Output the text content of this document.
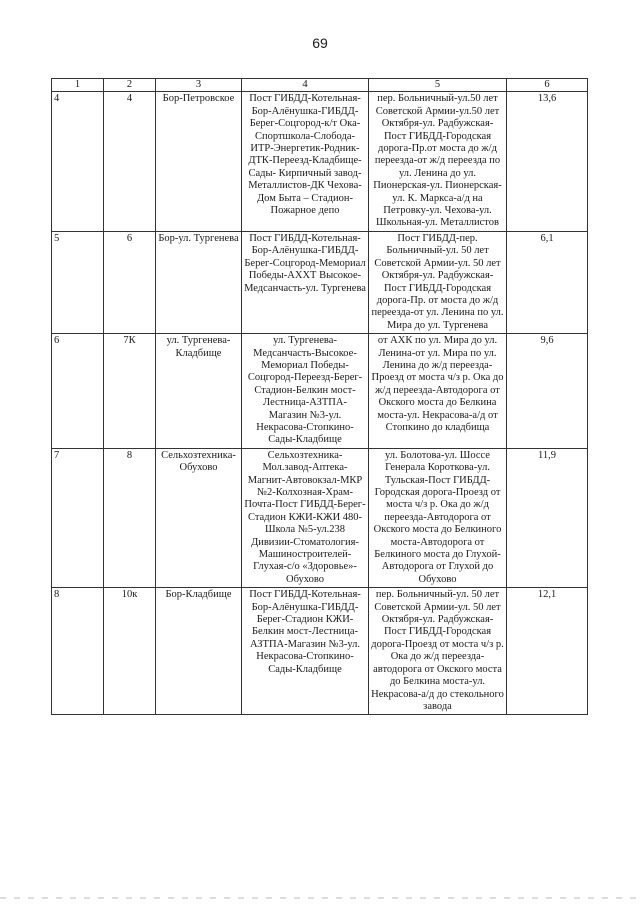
69
1	2	3	4	5	6
4	4	Бор-Петровское	Пост ГИБДД-Котельная-Бор-Алёнушка-ГИБДД-Берег-Соцгород-к/т Ока-Спортшкола-Слобода-ИТР-Энергетик-Родник-ДТК-Переезд-Кладбище-Сады- Кирпичный завод-Металлистов-ДК Чехова-Дом Быта – Стадион-Пожарное депо	пер. Больничный-ул.50 лет Советской Армии-ул.50 лет Октября-ул. Радбужская-Пост ГИБДД-Городская дорога-Пр.от моста до ж/д переезда-от ж/д переезда по ул. Ленина до ул. Пионерская-ул. Пионерская-ул. К. Маркса-а/д на Петровку-ул. Чехова-ул. Школьная-ул. Металлистов	13,6
5	6	Бор-ул. Тургенева	Пост ГИБДД-Котельная-Бор-Алёнушка-ГИБДД-Берег-Соцгород-Мемориал Победы-АХХТ Высокое-Медсанчасть-ул. Тургенева	Пост ГИБДД-пер. Больничный-ул. 50 лет Советской Армии-ул. 50 лет Октября-ул. Радбужская-Пост ГИБДД-Городская дорога-Пр. от моста до ж/д переезда-от ул. Ленина по ул. Мира до ул. Тургенева	6,1
6	7К	ул. Тургенева-Кладбище	ул. Тургенева-Медсанчасть-Высокое-Мемориал Победы-Соцгород-Переезд-Берег-Стадион-Белкин мост-Лестница-АЗТПА-Магазин №3-ул. Некрасова-Стопкино-Сады-Кладбище	от АХК по ул. Мира до ул. Ленина-от ул. Мира по ул. Ленина до ж/д переезда-Проезд от моста ч/з р. Ока до ж/д переезда-Автодорога от Окского моста до Белкина моста-ул. Некрасова-а/д от Стопкино до кладбища	9,6
7	8	Сельхозтехника-Обухово	Сельхозтехника-Мол.завод-Аптека-Магнит-Автовокзал-МКР №2-Колхозная-Храм-Почта-Пост ГИБДД-Берег-Стадион КЖИ-КЖИ 480-Школа №5-ул.238 Дивизии-Стоматология-Машиностроителей-Глухая-с/о «Здоровье»-Обухово	ул. Болотова-ул. Шоссе Генерала Короткова-ул. Тульская-Пост ГИБДД-Городская дорога-Проезд от моста ч/з р. Ока до ж/д переезда-Автодорога от Окского моста до Белкиного моста-Автодорога от Белкиного моста до Глухой-Автодорога от Глухой до Обухово	11,9
8	10к	Бор-Кладбище	Пост ГИБДД-Котельная-Бор-Алёнушка-ГИБДД-Берег-Стадион КЖИ-Белкин мост-Лестница-АЗТПА-Магазин №3-ул. Некрасова-Стопкино-Сады-Кладбище	пер. Больничный-ул. 50 лет Советской Армии-ул. 50 лет Октября-ул. Радбужская-Пост ГИБДД-Городская дорога-Проезд от моста ч/з р. Ока до ж/д переезда-автодорога от Окского моста до Белкина моста-ул. Некрасова-а/д до стекольного завода	12,1
